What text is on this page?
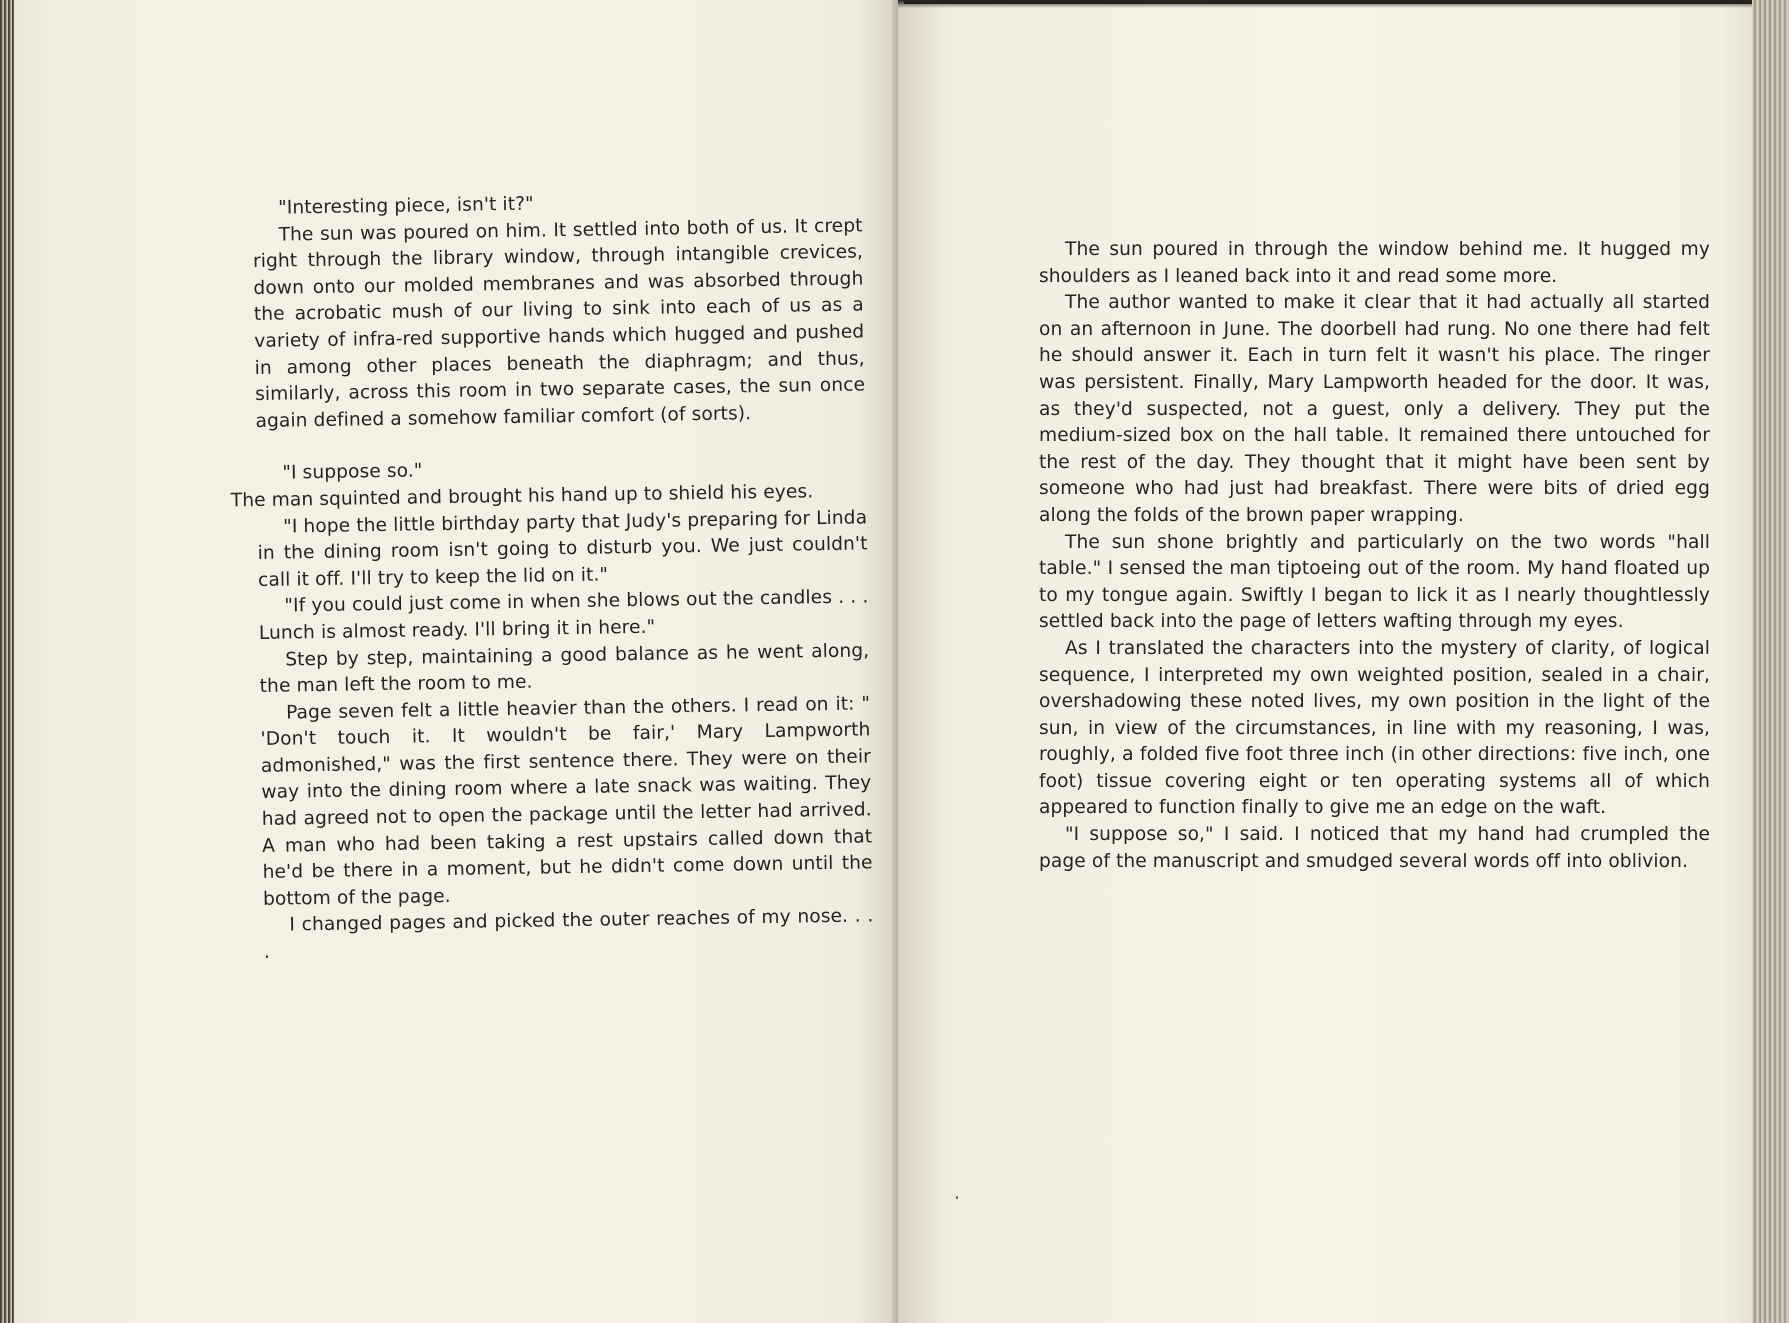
"Interesting piece, isn't it?"

The sun was poured on him. It settled into both of us. It crept right through the library window, through intangible crevices, down onto our molded membranes and was absorbed through the acrobatic mush of our living to sink into each of us as a variety of infra-red supportive hands which hugged and pushed in among other places beneath the diaphragm; and thus, similarly, across this room in two separate cases, the sun once again defined a somehow familiar comfort (of sorts).

"I suppose so."

The man squinted and brought his hand up to shield his eyes.

"I hope the little birthday party that Judy's preparing for Linda in the dining room isn't going to disturb you. We just couldn't call it off. I'll try to keep the lid on it."

"If you could just come in when she blows out the candles . . . Lunch is almost ready. I'll bring it in here."

Step by step, maintaining a good balance as he went along, the man left the room to me.

Page seven felt a little heavier than the others. I read on it: " 'Don't touch it. It wouldn't be fair,' Mary Lampworth admonished," was the first sentence there. They were on their way into the dining room where a late snack was waiting. They had agreed not to open the package until the letter had arrived. A man who had been taking a rest upstairs called down that he'd be there in a moment, but he didn't come down until the bottom of the page.

I changed pages and picked the outer reaches of my nose. . . .

The sun poured in through the window behind me. It hugged my shoulders as I leaned back into it and read some more.

The author wanted to make it clear that it had actually all started on an afternoon in June. The doorbell had rung. No one there had felt he should answer it. Each in turn felt it wasn't his place. The ringer was persistent. Finally, Mary Lampworth headed for the door. It was, as they'd suspected, not a guest, only a delivery. They put the medium-sized box on the hall table. It remained there untouched for the rest of the day. They thought that it might have been sent by someone who had just had breakfast. There were bits of dried egg along the folds of the brown paper wrapping.

The sun shone brightly and particularly on the two words "hall table." I sensed the man tiptoeing out of the room. My hand floated up to my tongue again. Swiftly I began to lick it as I nearly thoughtlessly settled back into the page of letters wafting through my eyes.

As I translated the characters into the mystery of clarity, of logical sequence, I interpreted my own weighted position, sealed in a chair, overshadowing these noted lives, my own position in the light of the sun, in view of the circumstances, in line with my reasoning, I was, roughly, a folded five foot three inch (in other directions: five inch, one foot) tissue covering eight or ten operating systems all of which appeared to function finally to give me an edge on the waft.

"I suppose so," I said. I noticed that my hand had crumpled the page of the manuscript and smudged several words off into oblivion.
